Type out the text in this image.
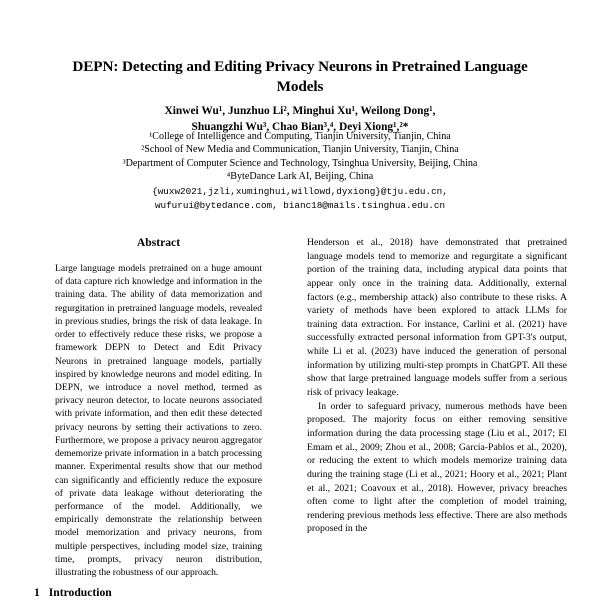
DEPN: Detecting and Editing Privacy Neurons in Pretrained Language Models
Xinwei Wu¹, Junzhuo Li², Minghui Xu¹, Weilong Dong¹,
Shuangzhi Wu³, Chao Bian³,⁴, Deyi Xiong¹,²*
¹College of Intelligence and Computing, Tianjin University, Tianjin, China
²School of New Media and Communication, Tianjin University, Tianjin, China
³Department of Computer Science and Technology, Tsinghua University, Beijing, China
⁴ByteDance Lark AI, Beijing, China
{wuxw2021,jzli,xuminghui,willowd,dyxiong}@tju.edu.cn,
wufurui@bytedance.com, bianc18@mails.tsinghua.edu.cn
Abstract

Large language models pretrained on a huge amount of data capture rich knowledge and information in the training data. The ability of data memorization and regurgitation in pretrained language models, revealed in previous studies, brings the risk of data leakage. In order to effectively reduce these risks, we propose a framework DEPN to Detect and Edit Privacy Neurons in pretrained language models, partially inspired by knowledge neurons and model editing. In DEPN, we introduce a novel method, termed as privacy neuron detector, to locate neurons associated with private information, and then edit these detected privacy neurons by setting their activations to zero. Furthermore, we propose a privacy neuron aggregator dememorize private information in a batch processing manner. Experimental results show that our method can significantly and efficiently reduce the exposure of private data leakage without deteriorating the performance of the model. Additionally, we empirically demonstrate the relationship between model memorization and privacy neurons, from multiple perspectives, including model size, training time, prompts, privacy neuron distribution, illustrating the robustness of our approach.

Henderson et al., 2018) have demonstrated that pretrained language models tend to memorize and regurgitate a significant portion of the training data, including atypical data points that appear only once in the training data. Additionally, external factors (e.g., membership attack) also contribute to these risks. A variety of methods have been explored to attack LLMs for training data extraction. For instance, Carlini et al. (2021) have successfully extracted personal information from GPT-3's output, while Li et al. (2023) have induced the generation of personal information by utilizing multi-step prompts in ChatGPT. All these show that large pretrained language models suffer from a serious risk of privacy leakage.

In order to safeguard privacy, numerous methods have been proposed. The majority focus on either removing sensitive information during the data processing stage (Liu et al., 2017; El Emam et al., 2009; Zhou et al., 2008; García-Pablos et al., 2020), or reducing the extent to which models memorize training data during the training stage (Li et al., 2021; Hoory et al., 2021; Plant et al., 2021; Coavoux et al., 2018). However, privacy breaches often come to light after the completion of model training, rendering previous methods less effective. There are also methods proposed in the

1 Introduction
